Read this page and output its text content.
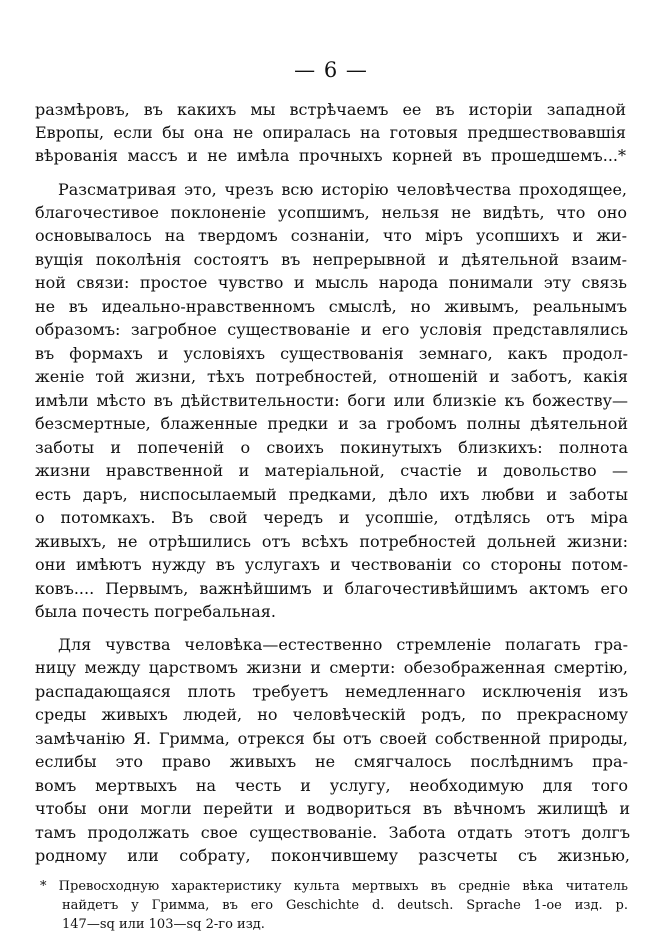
— 6 —
размѣровъ, въ какихъ мы встрѣчаемъ ее въ исторіи западной
Европы, если бы она не опиралась на готовыя предшествовавшія
вѣрованія массъ и не имѣла прочныхъ корней въ прошедшемъ...*
Разсматривая это, чрезъ всю исторію человѣчества проходящее,
благочестивое поклоненіе усопшимъ, нельзя не видѣть, что оно
основывалось на твердомъ сознаніи, что міръ усопшихъ и жи-
вущія поколѣнія состоятъ въ непрерывной и дѣятельной взаим-
ной связи: простое чувство и мысль народа понимали эту связь
не въ идеально-нравственномъ смыслѣ, но живымъ, реальнымъ
образомъ: загробное существованіе и его условія представлялись
въ формахъ и условіяхъ существованія земнаго, какъ продол-
женіе той жизни, тѣхъ потребностей, отношеній и заботъ, какія
имѣли мѣсто въ дѣйствительности: боги или близкіе къ божеству—
безсмертные, блаженные предки и за гробомъ полны дѣятельной
заботы и попеченій о своихъ покинутыхъ близкихъ: полнота
жизни нравственной и матеріальной, счастіе и довольство —
есть даръ, ниспосылаемый предками, дѣло ихъ любви и заботы
о потомкахъ. Въ свой чередъ и усопшіе, отдѣлясь отъ міра
живыхъ, не отрѣшились отъ всѣхъ потребностей дольней жизни:
они имѣютъ нужду въ услугахъ и чествованіи со стороны потом-
ковъ.... Первымъ, важнѣйшимъ и благочестивѣйшимъ актомъ его
была почесть погребальная.
Для чувства человѣка—естественно стремленіе полагать гра-
ницу между царствомъ жизни и смерти: обезображенная смертію,
распадающаяся плоть требуетъ немедленнаго исключенія изъ
среды живыхъ людей, но человѣческій родъ, по прекрасному
замѣчанію Я. Гримма, отрекся бы отъ своей собственной природы,
еслибы это право живыхъ не смягчалось послѣднимъ пра-
вомъ мертвыхъ на честь и услугу, необходимую для того
чтобы они могли перейти и водвориться въ вѣчномъ жилищѣ и
тамъ продолжать свое существованіе. Забота отдать этотъ долгъ
родному или собрату, покончившему разсчеты съ жизнью,
* Превосходную характеристику культа мертвыхъ въ средніе вѣка читатель
найдетъ у Гримма, въ его Geschichte d. deutsch. Sprache 1-ое изд. р.
147—sq или 103—sq 2-го изд.
